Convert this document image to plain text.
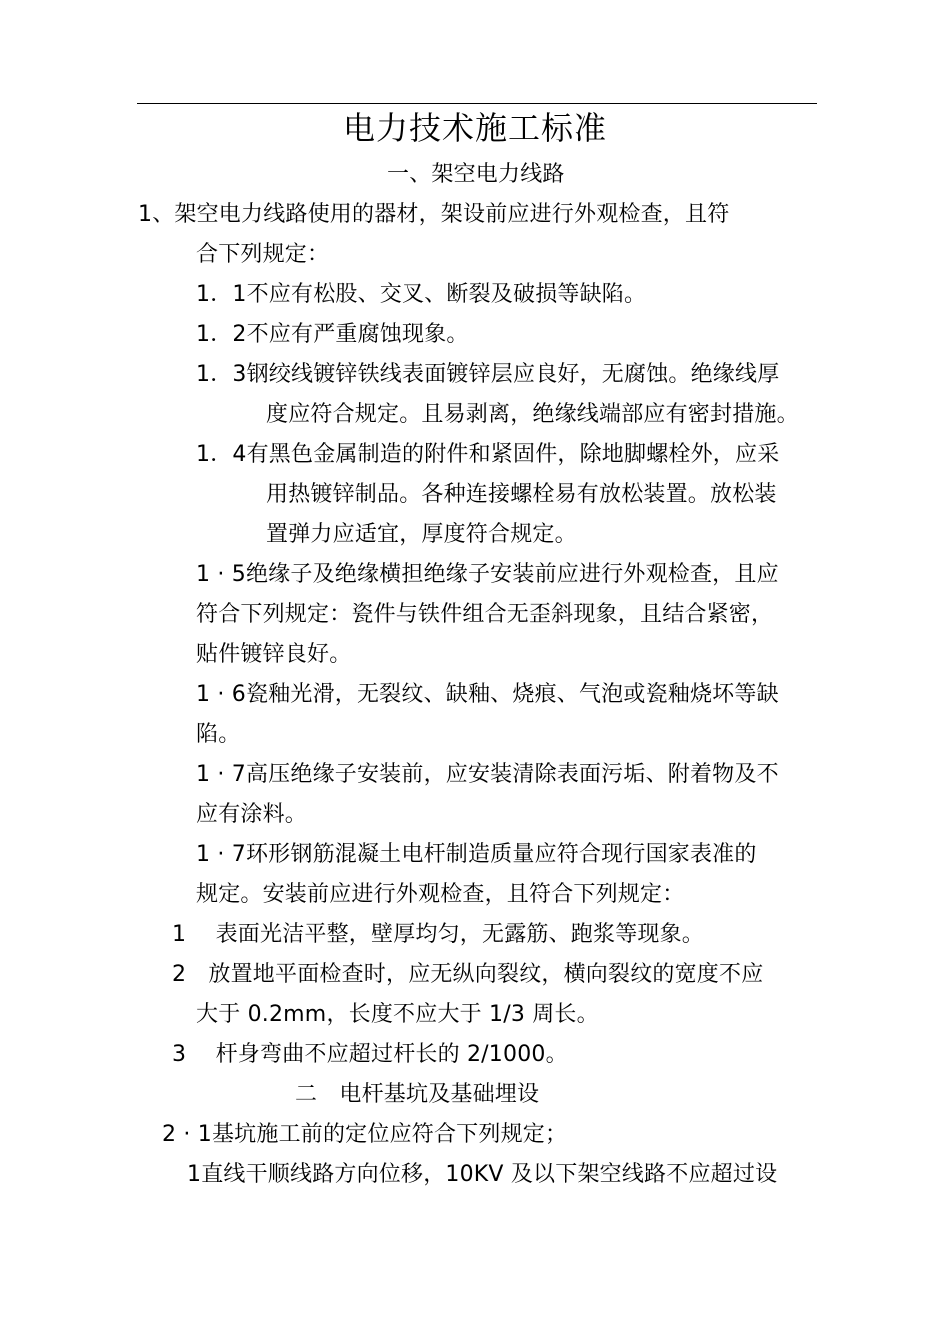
电力技术施工标准
一、架空电力线路
1、架空电力线路使用的器材，架设前应进行外观检查，且符
合下列规定：
1．1不应有松股、交叉、断裂及破损等缺陷。
1．2不应有严重腐蚀现象。
1．3钢绞线镀锌铁线表面镀锌层应良好，无腐蚀。绝缘线厚
度应符合规定。且易剥离，绝缘线端部应有密封措施。
1．4有黑色金属制造的附件和紧固件，除地脚螺栓外，应采
用热镀锌制品。各种连接螺栓易有放松装置。放松装
置弹力应适宜，厚度符合规定。
1 · 5绝缘子及绝缘横担绝缘子安装前应进行外观检查，且应
符合下列规定：瓷件与铁件组合无歪斜现象，且结合紧密，
贴件镀锌良好。
1 · 6瓷釉光滑，无裂纹、缺釉、烧痕、气泡或瓷釉烧坏等缺
陷。
1 · 7高压绝缘子安装前，应安装清除表面污垢、附着物及不
应有涂料。
1 · 7环形钢筋混凝土电杆制造质量应符合现行国家表准的
规定。安装前应进行外观检查，且符合下列规定：
1　 表面光洁平整，壁厚均匀，无露筋、跑浆等现象。
2　放置地平面检查时，应无纵向裂纹，横向裂纹的宽度不应
大于 0.2mm，长度不应大于 1/3 周长。
3　 杆身弯曲不应超过杆长的 2/1000。
二　电杆基坑及基础埋设
2 · 1基坑施工前的定位应符合下列规定；
1直线干顺线路方向位移，10KV 及以下架空线路不应超过设
